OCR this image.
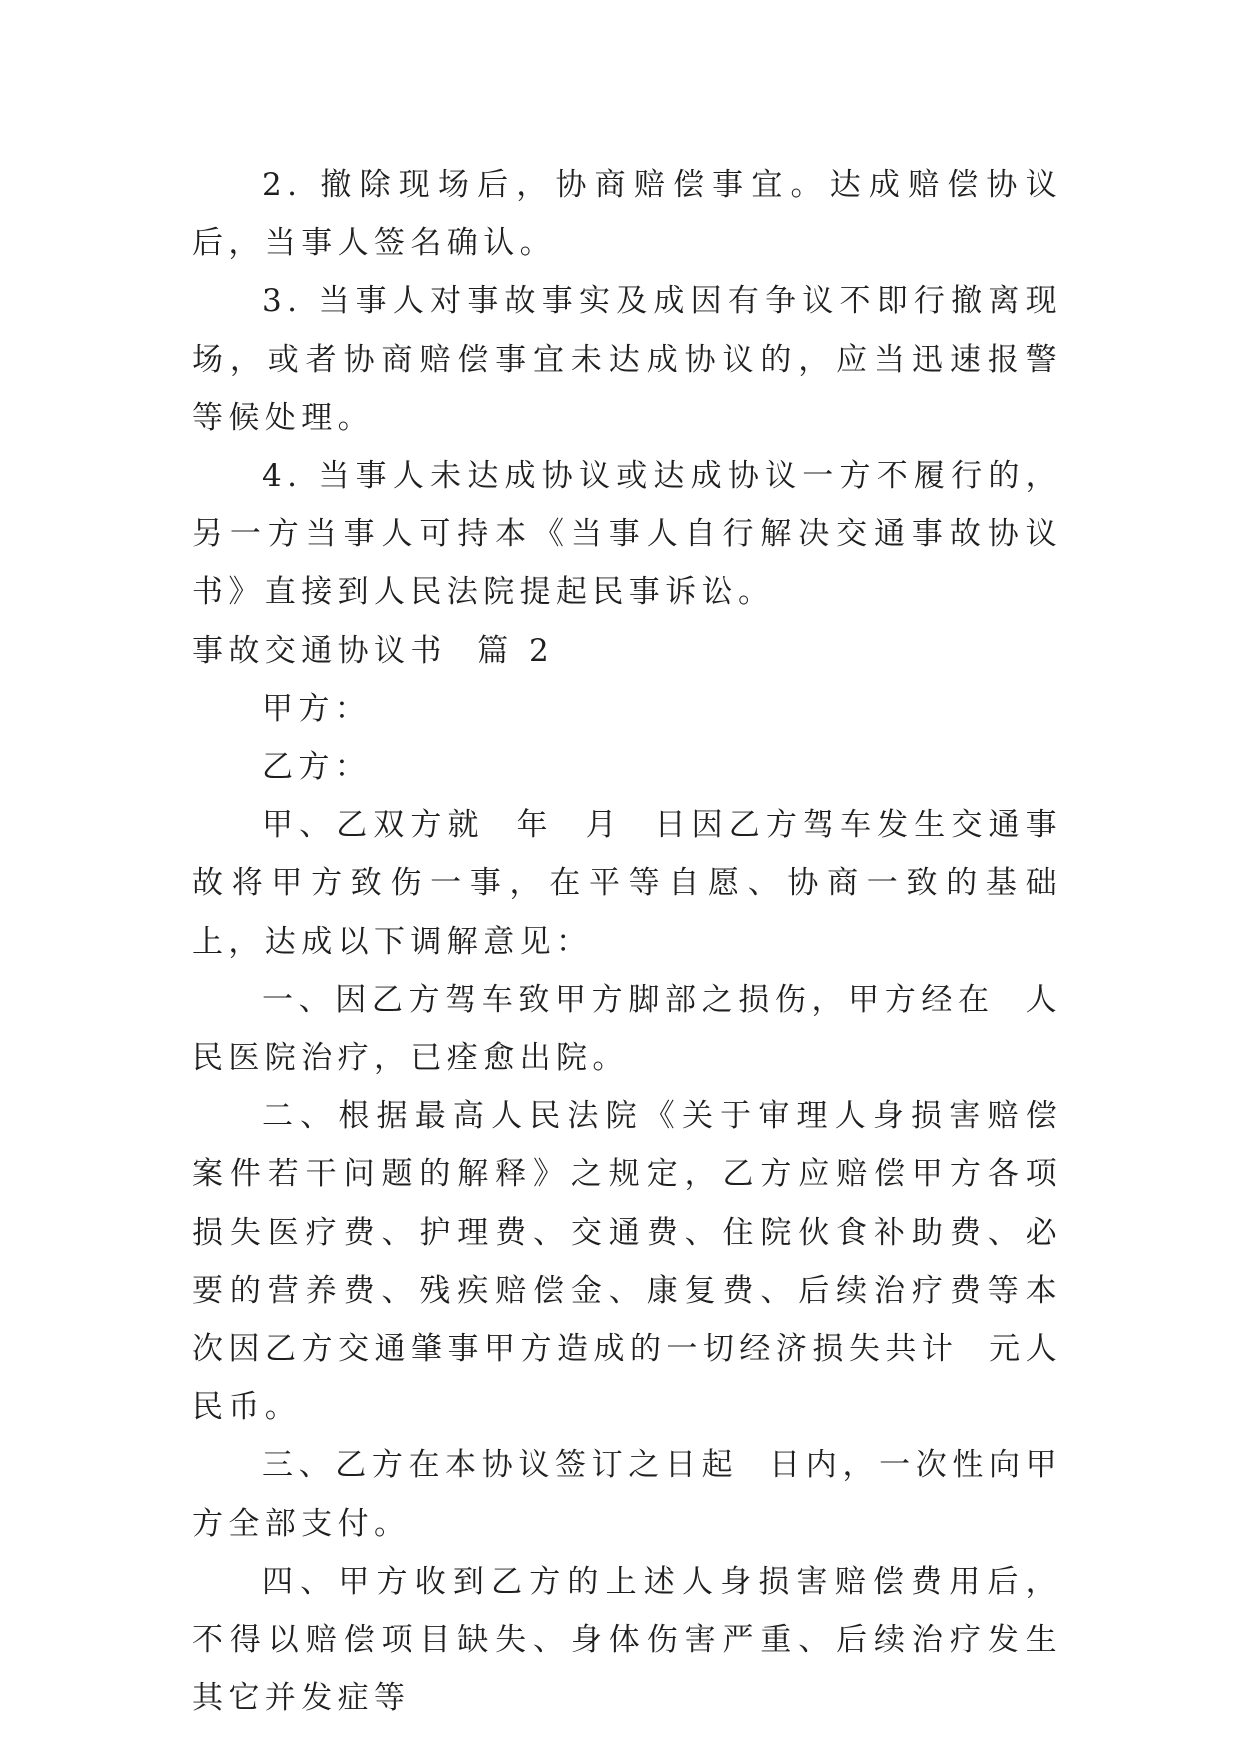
2. 撤除现场后，协商赔偿事宜。达成赔偿协议后，当事人签名确认。

3. 当事人对事故事实及成因有争议不即行撤离现场，或者协商赔偿事宜未达成协议的，应当迅速报警等候处理。

4. 当事人未达成协议或达成协议一方不履行的，另一方当事人可持本《当事人自行解决交通事故协议书》直接到人民法院提起民事诉讼。

事故交通协议书  篇 2

甲方：

乙方：

甲、乙双方就  年  月  日因乙方驾车发生交通事故将甲方致伤一事，在平等自愿、协商一致的基础上，达成以下调解意见：

一、因乙方驾车致甲方脚部之损伤，甲方经在  人民医院治疗，已痊愈出院。

二、根据最高人民法院《关于审理人身损害赔偿案件若干问题的解释》之规定，乙方应赔偿甲方各项损失医疗费、护理费、交通费、住院伙食补助费、必要的营养费、残疾赔偿金、康复费、后续治疗费等本次因乙方交通肇事甲方造成的一切经济损失共计  元人民币。

三、乙方在本协议签订之日起  日内，一次性向甲方全部支付。

四、甲方收到乙方的上述人身损害赔偿费用后，不得以赔偿项目缺失、身体伤害严重、后续治疗发生其它并发症等
